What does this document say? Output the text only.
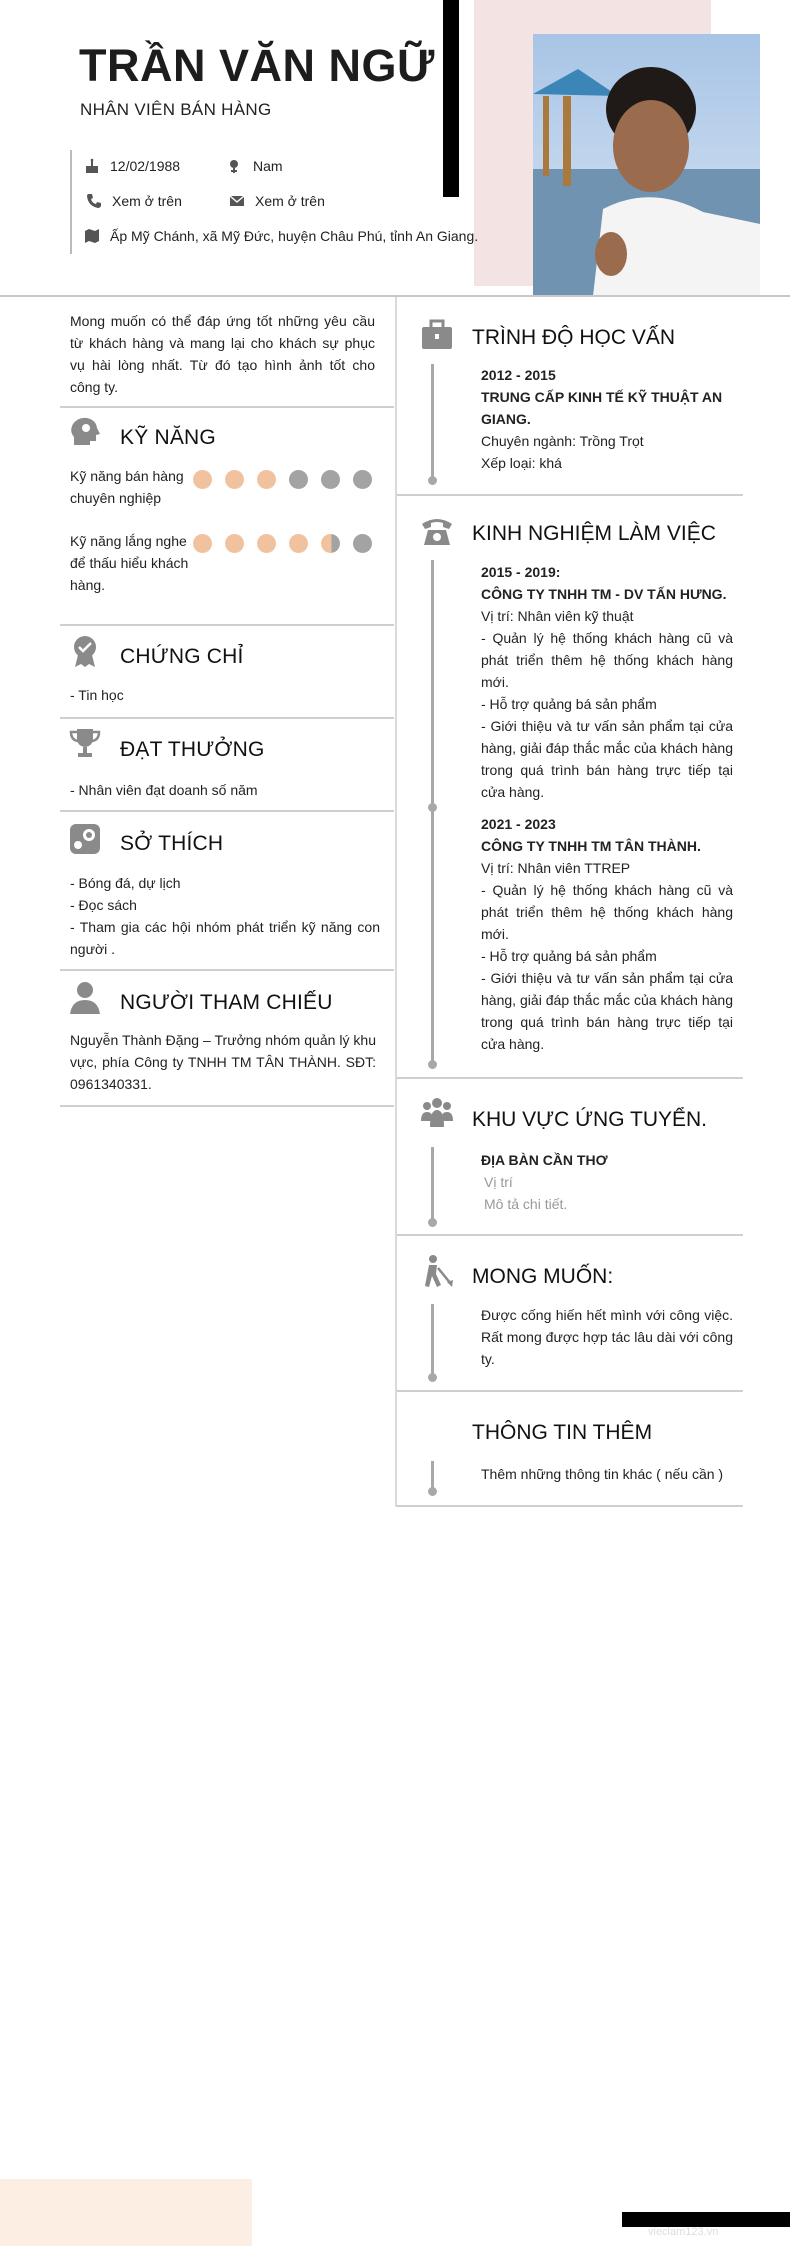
TRẦN VĂN NGỮ
NHÂN VIÊN BÁN HÀNG
12/02/1988	Nam
Xem ở trên	Xem ở trên
Ấp Mỹ Chánh, xã Mỹ Đức, huyện Châu Phú, tỉnh An Giang.
Mong muốn có thể đáp ứng tốt những yêu cầu từ khách hàng và mang lại cho khách sự phục vụ hài lòng nhất. Từ đó tạo hình ảnh tốt cho công ty.
KỸ NĂNG
Kỹ năng bán hàng chuyên nghiệp
Kỹ năng lắng nghe để thấu hiểu khách hàng.
CHỨNG CHỈ
- Tin học
ĐẠT THƯỞNG
- Nhân viên đạt doanh số năm
SỞ THÍCH
- Bóng đá, dự lịch
- Đọc sách
- Tham gia các hội nhóm phát triển kỹ năng con người .
NGƯỜI THAM CHIẾU
Nguyễn Thành Đặng – Trưởng nhóm quản lý khu vực, phía Công ty TNHH TM TÂN THÀNH. SĐT: 0961340331.
TRÌNH ĐỘ HỌC VẤN
2012 - 2015
TRUNG CẤP KINH TẾ KỸ THUẬT AN GIANG.
Chuyên ngành: Trồng Trọt
Xếp loại: khá
KINH NGHIỆM LÀM VIỆC
2015 - 2019:
CÔNG TY TNHH TM - DV TẤN HƯNG.
Vị trí: Nhân viên kỹ thuật
- Quản lý hệ thống khách hàng cũ và phát triển thêm hệ thống khách hàng mới.
- Hỗ trợ quảng bá sản phẩm
- Giới thiệu và tư vấn sản phẩm tại cửa hàng, giải đáp thắc mắc của khách hàng trong quá trình bán hàng trực tiếp tại cửa hàng.
2021 - 2023
CÔNG TY TNHH TM TÂN THÀNH.
Vị trí: Nhân viên TTREP
- Quản lý hệ thống khách hàng cũ và phát triển thêm hệ thống khách hàng mới.
- Hỗ trợ quảng bá sản phẩm
- Giới thiệu và tư vấn sản phẩm tại cửa hàng, giải đáp thắc mắc của khách hàng trong quá trình bán hàng trực tiếp tại cửa hàng.
KHU VỰC ỨNG TUYỂN.
ĐỊA BÀN CẦN THƠ
Vị trí
Mô tả chi tiết.
MONG MUỐN:
Được cống hiến hết mình với công việc. Rất mong được hợp tác lâu dài với công ty.
THÔNG TIN THÊM
Thêm những thông tin khác ( nếu cần )
vieclam123.vn
